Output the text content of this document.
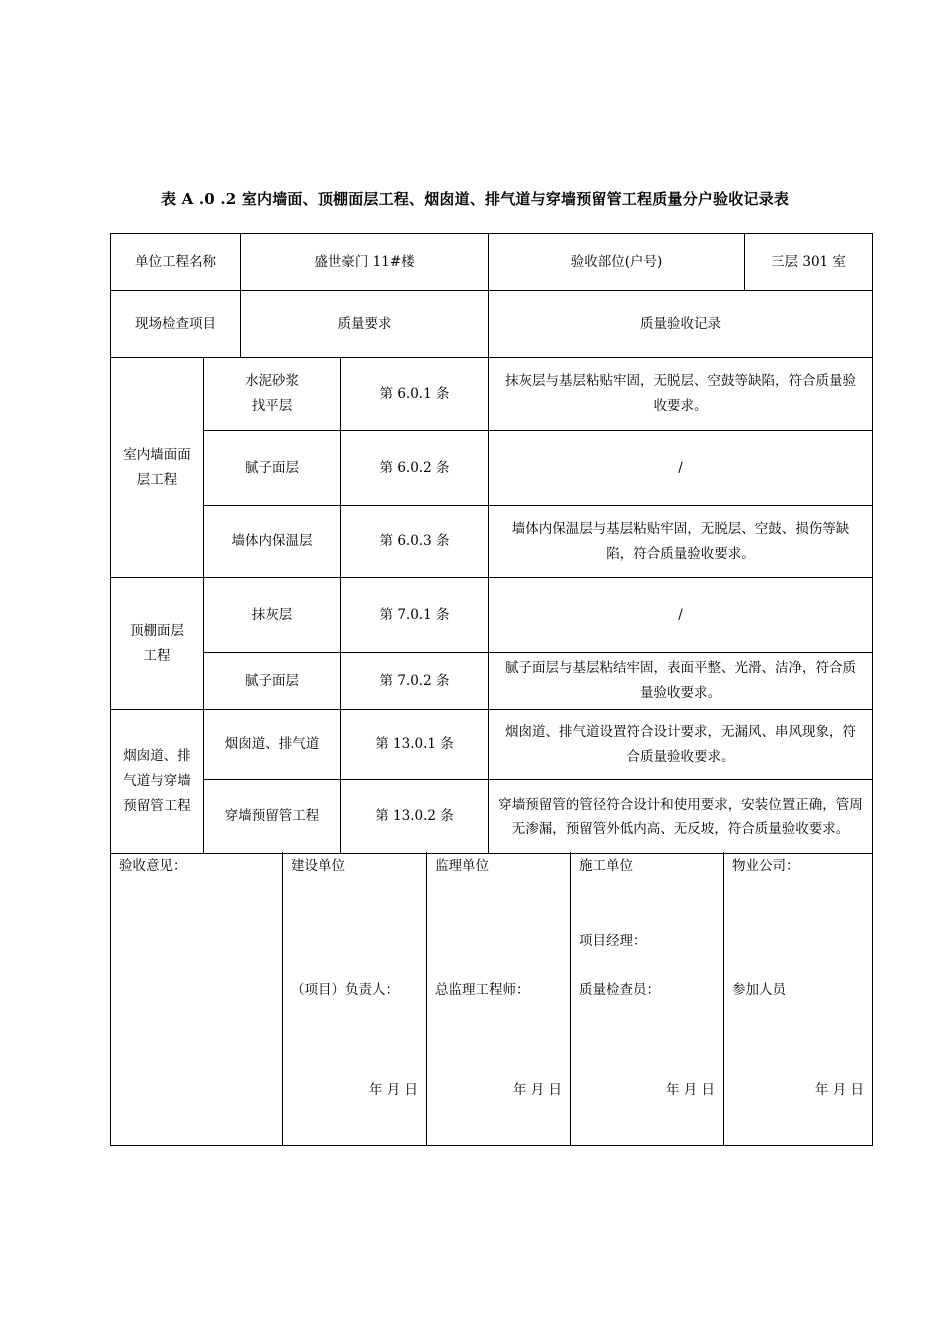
表 A .0 .2 室内墙面、顶棚面层工程、烟囱道、排气道与穿墙预留管工程质量分户验收记录表
单位工程名称		盛世豪门 11#楼		验收部位(户号)	三层 301 室
现场检查项目		质量要求		质量验收记录	
室内墙面面层工程	水泥砂浆找平层		第 6.0.1 条	抹灰层与基层粘贴牢固，无脱层、空鼓等缺陷，符合质量验收要求。	
	腻子面层		第 6.0.2 条	/	
	墙体内保温层		第 6.0.3 条	墙体内保温层与基层粘贴牢固，无脱层、空鼓、损伤等缺陷，符合质量验收要求。	
顶棚面层工程	抹灰层		第 7.0.1 条	/	
	腻子面层		第 7.0.2 条	腻子面层与基层粘结牢固，表面平整、光滑、洁净，符合质量验收要求。	
烟囱道、排气道与穿墙预留管工程	烟囱道、排气道		第 13.0.1 条	烟囱道、排气道设置符合设计要求，无漏风、串风现象，符合质量验收要求。	
	穿墙预留管工程		第 13.0.2 条	穿墙预留管的管径符合设计和使用要求，安装位置正确，管周无渗漏，预留管外低内高、无反坡，符合质量验收要求。	
验收意见：	建设单位
（项目）负责人：
年 月 日

监理单位
总监理工程师：
年 月 日

施工单位
项目经理：
质量检查员：
年 月 日

物业公司：
参加人员
年 月 日
